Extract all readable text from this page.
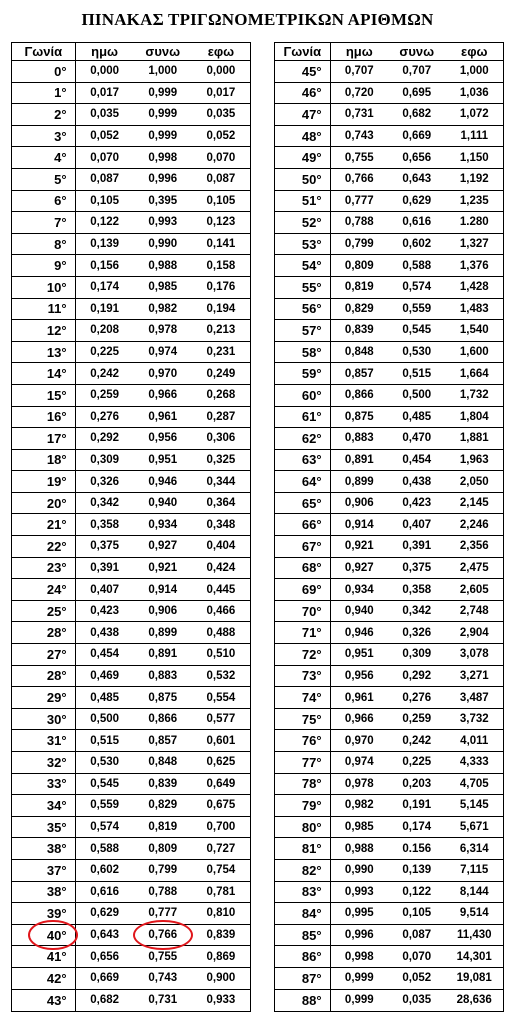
ΠΙΝΑΚΑΣ ΤΡΙΓΩΝΟΜΕΤΡΙΚΩΝ ΑΡΙΘΜΩΝ
Γωνία	ημω	συνω	εφω
0°	0,000	1,000	0,000
1°	0,017	0,999	0,017
2°	0,035	0,999	0,035
3°	0,052	0,999	0,052
4°	0,070	0,998	0,070
5°	0,087	0,996	0,087
6°	0,105	0,395	0,105
7°	0,122	0,993	0,123
8°	0,139	0,990	0,141
9°	0,156	0,988	0,158
10°	0,174	0,985	0,176
11°	0,191	0,982	0,194
12°	0,208	0,978	0,213
13°	0,225	0,974	0,231
14°	0,242	0,970	0,249
15°	0,259	0,966	0,268
16°	0,276	0,961	0,287
17°	0,292	0,956	0,306
18°	0,309	0,951	0,325
19°	0,326	0,946	0,344
20°	0,342	0,940	0,364
21°	0,358	0,934	0,348
22°	0,375	0,927	0,404
23°	0,391	0,921	0,424
24°	0,407	0,914	0,445
25°	0,423	0,906	0,466
28°	0,438	0,899	0,488
27°	0,454	0,891	0,510
28°	0,469	0,883	0,532
29°	0,485	0,875	0,554
30°	0,500	0,866	0,577
31°	0,515	0,857	0,601
32°	0,530	0,848	0,625
33°	0,545	0,839	0,649
34°	0,559	0,829	0,675
35°	0,574	0,819	0,700
38°	0,588	0,809	0,727
37°	0,602	0,799	0,754
38°	0,616	0,788	0,781
39°	0,629	0,777	0,810
40°	0,643	0,766	0,839
41°	0,656	0,755	0,869
42°	0,669	0,743	0,900
43°	0,682	0,731	0,933
Γωνία	ημω	συνω	εφω
45°	0,707	0,707	1,000
46°	0,720	0,695	1,036
47°	0,731	0,682	1,072
48°	0,743	0,669	1,111
49°	0,755	0,656	1,150
50°	0,766	0,643	1,192
51°	0,777	0,629	1,235
52°	0,788	0,616	1.280
53°	0,799	0,602	1,327
54°	0,809	0,588	1,376
55°	0,819	0,574	1,428
56°	0,829	0,559	1,483
57°	0,839	0,545	1,540
58°	0,848	0,530	1,600
59°	0,857	0,515	1,664
60°	0,866	0,500	1,732
61°	0,875	0,485	1,804
62°	0,883	0,470	1,881
63°	0,891	0,454	1,963
64°	0,899	0,438	2,050
65°	0,906	0,423	2,145
66°	0,914	0,407	2,246
67°	0,921	0,391	2,356
68°	0,927	0,375	2,475
69°	0,934	0,358	2,605
70°	0,940	0,342	2,748
71°	0,946	0,326	2,904
72°	0,951	0,309	3,078
73°	0,956	0,292	3,271
74°	0,961	0,276	3,487
75°	0,966	0,259	3,732
76°	0,970	0,242	4,011
77°	0,974	0,225	4,333
78°	0,978	0,203	4,705
79°	0,982	0,191	5,145
80°	0,985	0,174	5,671
81°	0,988	0.156	6,314
82°	0,990	0,139	7,115
83°	0,993	0,122	8,144
84°	0,995	0,105	9,514
85°	0,996	0,087	11,430
86°	0,998	0,070	14,301
87°	0,999	0,052	19,081
88°	0,999	0,035	28,636
